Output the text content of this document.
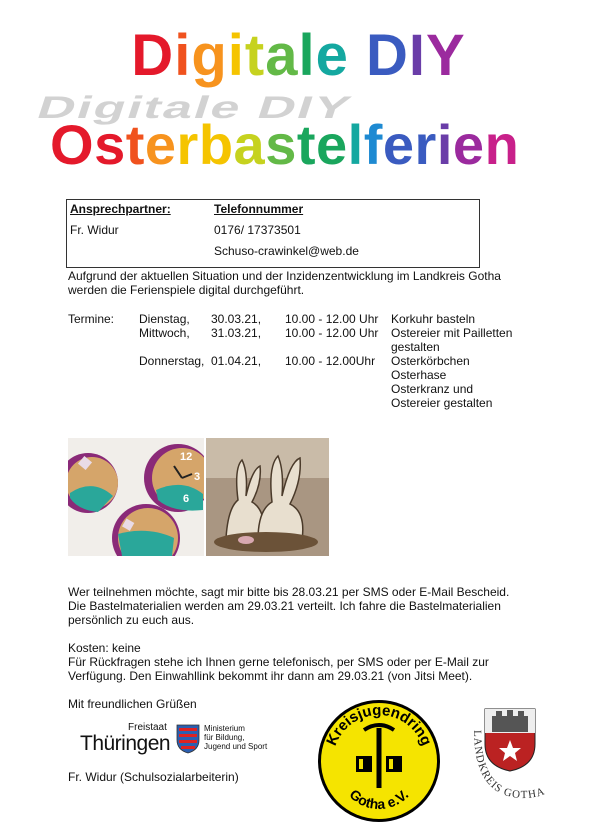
Digitale DIY
Digitale DIY
Osterbastelferien
Ansprechpartner:	Telefonnummer
Fr. Widur	0176/ 17373501
Schuso-crawinkel@web.de
Aufgrund der aktuellen Situation und der Inzidenzentwicklung im Landkreis Gotha
werden die Ferienspiele digital durchgeführt.
Termine: Dienstag, 30.03.21, 10.00 - 12.00 Uhr Korkuhr basteln
Mittwoch, 31.03.21, 10.00 - 12.00 Uhr Ostereier mit Pailletten
gestalten
Donnerstag, 01.04.21, 10.00 - 12.00Uhr Osterkörbchen
Osterhase
Osterkranz und
Ostereier gestalten
12
3
6
Wer teilnehmen möchte, sagt mir bitte bis 28.03.21 per SMS oder E-Mail Bescheid.
Die Bastelmaterialien werden am 29.03.21 verteilt. Ich fahre die Bastelmaterialien
persönlich zu euch aus.
Kosten: keine
Für Rückfragen stehe ich Ihnen gerne telefonisch, per SMS oder per E-Mail zur
Verfügung. Den Einwahllink bekommt ihr dann am 29.03.21 (von Jitsi Meet).
Mit freundlichen Grüßen
Fr. Widur (Schulsozialarbeiterin)
Freistaat
Thüringen
Ministerium
für Bildung,
Jugend und Sport	Kreisjugendring
Gotha e.V.
LANDKREIS GOTHA
